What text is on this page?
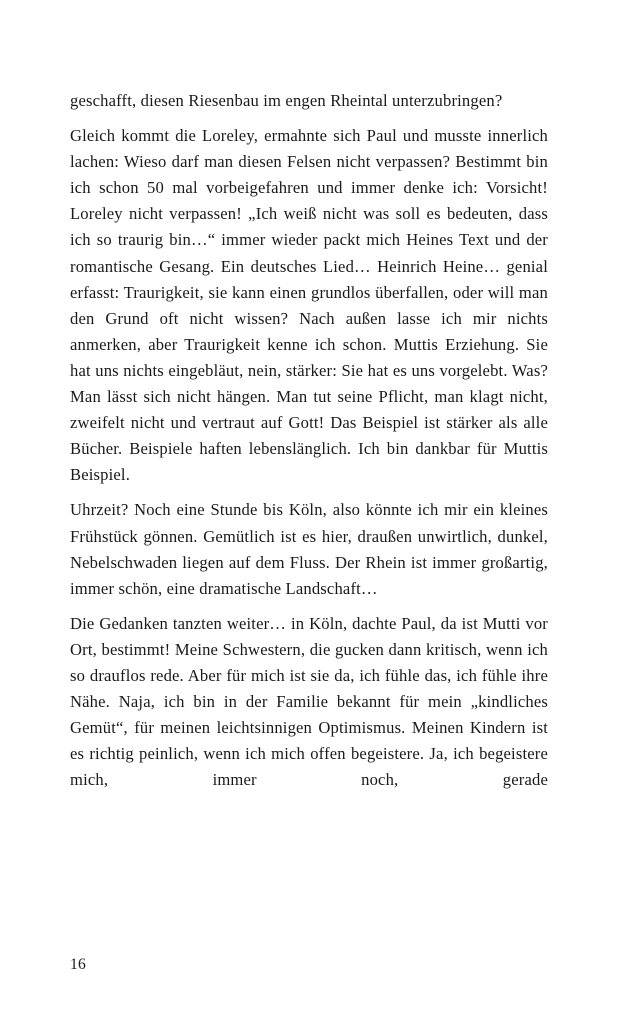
geschafft, diesen Riesenbau im engen Rheintal unterzubringen?

Gleich kommt die Loreley, ermahnte sich Paul und musste innerlich lachen: Wieso darf man diesen Felsen nicht verpassen? Bestimmt bin ich schon 50 mal vorbeigefahren und immer denke ich: Vorsicht! Loreley nicht verpassen! „Ich weiß nicht was soll es bedeuten, dass ich so traurig bin…“ immer wieder packt mich Heines Text und der romantische Gesang. Ein deutsches Lied… Heinrich Heine… genial erfasst: Traurigkeit, sie kann einen grundlos überfallen, oder will man den Grund oft nicht wissen? Nach außen lasse ich mir nichts anmerken, aber Traurigkeit kenne ich schon. Muttis Erziehung. Sie hat uns nichts eingebläut, nein, stärker: Sie hat es uns vorgelebt. Was? Man lässt sich nicht hängen. Man tut seine Pflicht, man klagt nicht, zweifelt nicht und vertraut auf Gott! Das Beispiel ist stärker als alle Bücher. Beispiele haften lebenslänglich. Ich bin dankbar für Muttis Beispiel.

Uhrzeit? Noch eine Stunde bis Köln, also könnte ich mir ein kleines Frühstück gönnen. Gemütlich ist es hier, draußen unwirtlich, dunkel, Nebelschwaden liegen auf dem Fluss. Der Rhein ist immer großartig, immer schön, eine dramatische Landschaft…

Die Gedanken tanzten weiter… in Köln, dachte Paul, da ist Mutti vor Ort, bestimmt! Meine Schwestern, die gucken dann kritisch, wenn ich so drauflos rede. Aber für mich ist sie da, ich fühle das, ich fühle ihre Nähe. Naja, ich bin in der Familie bekannt für mein „kindliches Gemüt“, für meinen leichtsinnigen Optimismus. Meinen Kindern ist es richtig peinlich, wenn ich mich offen begeistere. Ja, ich begeistere mich, immer noch, gerade

16
